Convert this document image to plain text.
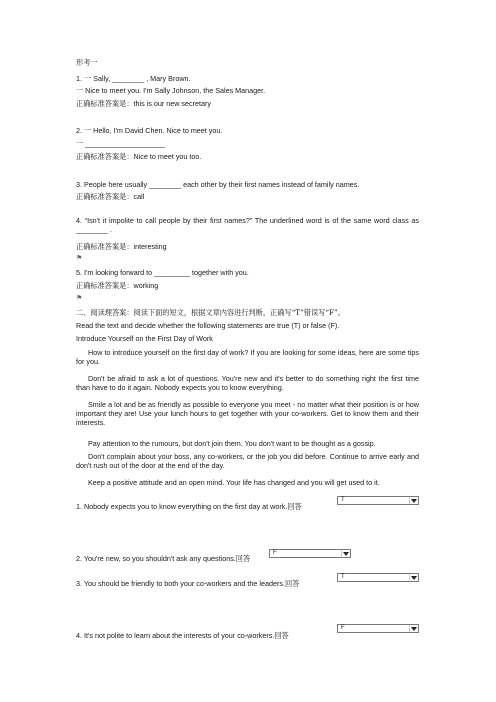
形考一
1. 一 Sally, ________ , Mary Brown.
一 Nice to meet you. I'm Sally Johnson, the Sales Manager.
正确标准答案是：this is our new secretary
2. 一 Hello, I'm David Chen. Nice to meet you.
一 ____________________
正确标准答案是：Nice to meet you too.
3. People here usually ________ each other by their first names instead of family names.
正确标准答案是：call
4. “Isn't it impolite to call people by their first names?” The underlined word is of the same word class as ________ .
正确标准答案是：interesting
⚑
5. I'm looking forward to _________ together with you.
正确标准答案是：working
⚑
二、阅读理答案：阅读下面的短文，根据文章内容进行判断，正确写“T”错误写“F”。
Read the text and decide whether the following statements are true (T) or false (F).
Introduce Yourself on the First Day of Work
How to introduce yourself on the first day of work? If you are looking for some ideas, here are some tips for you.
Don't be afraid to ask a lot of questions. You're new and it's better to do something right the first time than have to do it again. Nobody expects you to know everything.
Smile a lot and be as friendly as possible to everyone you meet - no matter what their position is or how important they are! Use your lunch hours to get together with your co-workers. Get to know them and their interests.
Pay attention to the rumours, but don't join them. You don't want to be thought as a gossip.
Don't complain about your boss, any co-workers, or the job you did before. Continue to arrive early and don't rush out of the door at the end of the day.
Keep a positive attitude and an open mind. Your life has changed and you will get used to it.
1. Nobody expects you to know everything on the first day at work.回答
T
2. You're new, so you shouldn't ask any questions.回答
F
3. You should be friendly to both your co-workers and the leaders.回答
T
4. It's not polite to learn about the interests of your co-workers.回答
F
